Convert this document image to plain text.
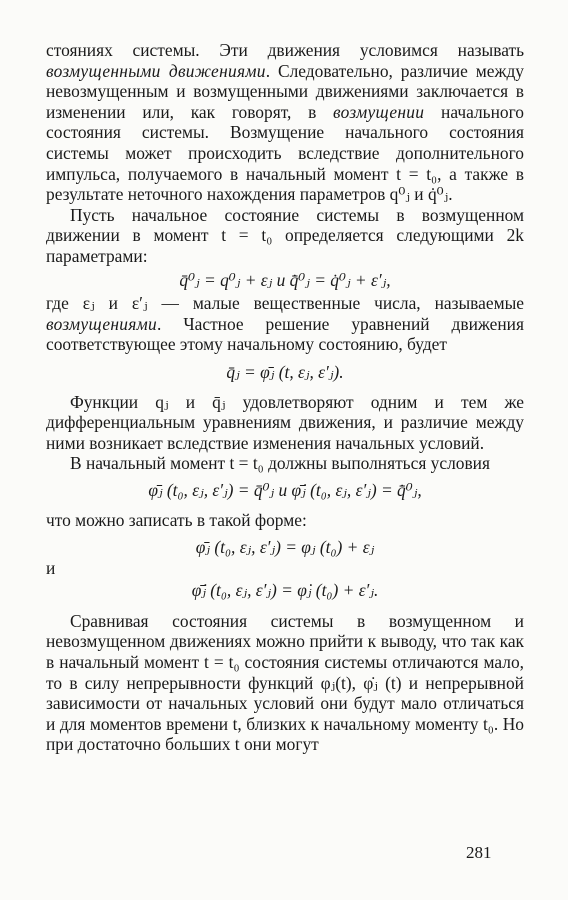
стояниях системы. Эти движения условимся называть возмущенными движениями. Следовательно, различие между невозмущенным и возмущенными движениями заключается в изменении или, как говорят, в возмущении начального состояния системы. Возмущение начального состояния системы может происходить вследствие дополнительного импульса, получаемого в начальный момент t = t₀, а также в результате неточного нахождения параметров q⁰ⱼ и q̇⁰ⱼ.

Пусть начальное состояние системы в возмущенном движении в момент t = t₀ определяется следующими 2k параметрами:

q̄⁰ⱼ = q⁰ⱼ + εⱼ и q̄̇⁰ⱼ = q̇⁰ⱼ + ε′ⱼ,

где εⱼ и ε′ⱼ — малые вещественные числа, называемые возмущениями. Частное решение уравнений движения соответствующее этому начальному состоянию, будет

q̄ⱼ = φ̄ⱼ (t, εⱼ, ε′ⱼ).

Функции qⱼ и q̄ⱼ удовлетворяют одним и тем же дифференциальным уравнениям движения, и различие между ними возникает вследствие изменения начальных условий.

В начальный момент t = t₀ должны выполняться условия

φ̄ⱼ (t₀, εⱼ, ε′ⱼ) = q̄⁰ⱼ и φ̄̇ⱼ (t₀, εⱼ, ε′ⱼ) = q̄̇⁰ⱼ,

что можно записать в такой форме:

φ̄ⱼ (t₀, εⱼ, ε′ⱼ) = φⱼ (t₀) + εⱼ

и

φ̄̇ⱼ (t₀, εⱼ, ε′ⱼ) = φ̇ⱼ (t₀) + ε′ⱼ.

Сравнивая состояния системы в возмущенном и невозмущенном движениях можно прийти к выводу, что так как в начальный момент t = t₀ состояния системы отличаются мало, то в силу непрерывности функций φⱼ(t), φ̇ⱼ (t) и непрерывной зависимости от начальных условий они будут мало отличаться и для моментов времени t, близких к начальному моменту t₀. Но при достаточно больших t они могут

281
